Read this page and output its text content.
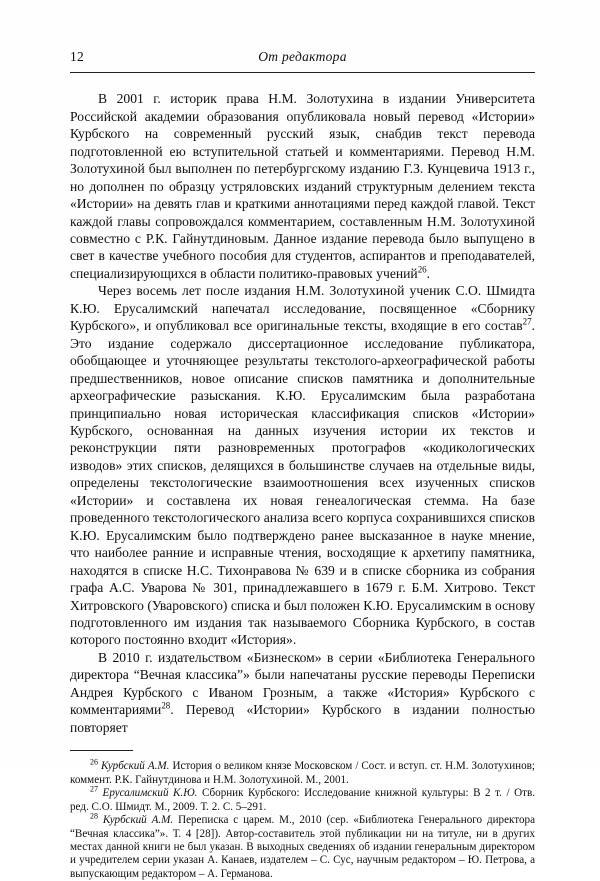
12	От редактора

В 2001 г. историк права Н.М. Золотухина в издании Университета Российской академии образования опубликовала новый перевод «Истории» Курбского на современный русский язык, снабдив текст перевода подготовленной ею вступительной статьей и комментариями. Перевод Н.М. Золотухиной был выполнен по петербургскому изданию Г.З. Кунцевича 1913 г., но дополнен по образцу устряловских изданий структурным делением текста «Истории» на девять глав и краткими аннотациями перед каждой главой. Текст каждой главы сопровождался комментарием, составленным Н.М. Золотухиной совместно с Р.К. Гайнутдиновым. Данное издание перевода было выпущено в свет в качестве учебного пособия для студентов, аспирантов и преподавателей, специализирующихся в области политико-правовых учений$^{26}$.

Через восемь лет после издания Н.М. Золотухиной ученик С.О. Шмидта К.Ю. Ерусалимский напечатал исследование, посвященное «Сборнику Курбского», и опубликовал все оригинальные тексты, входящие в его состав$^{27}$. Это издание содержало диссертационное исследование публикатора, обобщающее и уточняющее результаты текстолого-археографической работы предшественников, новое описание списков памятника и дополнительные археографические разыскания. К.Ю. Ерусалимским была разработана принципиально новая историческая классификация списков «Истории» Курбского, основанная на данных изучения истории их текстов и реконструкции пяти разновременных протографов «кодикологических изводов» этих списков, делящихся в большинстве случаев на отдельные виды, определены текстологические взаимоотношения всех изученных списков «Истории» и составлена их новая генеалогическая стемма. На базе проведенного текстологического анализа всего корпуса сохранившихся списков К.Ю. Ерусалимским было подтверждено ранее высказанное в науке мнение, что наиболее ранние и исправные чтения, восходящие к архетипу памятника, находятся в списке Н.С. Тихонравова № 639 и в списке сборника из собрания графа А.С. Уварова № 301, принадлежавшего в 1679 г. Б.М. Хитрово. Текст Хитровского (Уваровского) списка и был положен К.Ю. Ерусалимским в основу подготовленного им издания так называемого Сборника Курбского, в состав которого постоянно входит «История».

В 2010 г. издательством «Бизнеском» в серии «Библиотека Генерального директора “Вечная классика”» были напечатаны русские переводы Переписки Андрея Курбского с Иваном Грозным, а также «История» Курбского с комментариями$^{28}$. Перевод «Истории» Курбского в издании полностью повторяет

$^{26}$ Курбский А.М. История о великом князе Московском / Сост. и вступ. ст. Н.М. Золотухинов; коммент. Р.К. Гайнутдинова и Н.М. Золотухиной. М., 2001.

$^{27}$ Ерусалимский К.Ю. Сборник Курбского: Исследование книжной культуры: В 2 т. / Отв. ред. С.О. Шмидт. М., 2009. Т. 2. С. 5–291.

$^{28}$ Курбский А.М. Переписка с царем. М., 2010 (сер. «Библиотека Генерального директора “Вечная классика”». Т. 4 [28]). Автор-составитель этой публикации ни на титуле, ни в других местах данной книги не был указан. В выходных сведениях об издании генеральным директором и учредителем серии указан А. Канаев, издателем – С. Сус, научным редактором – Ю. Петрова, а выпускающим редактором – А. Германова.
